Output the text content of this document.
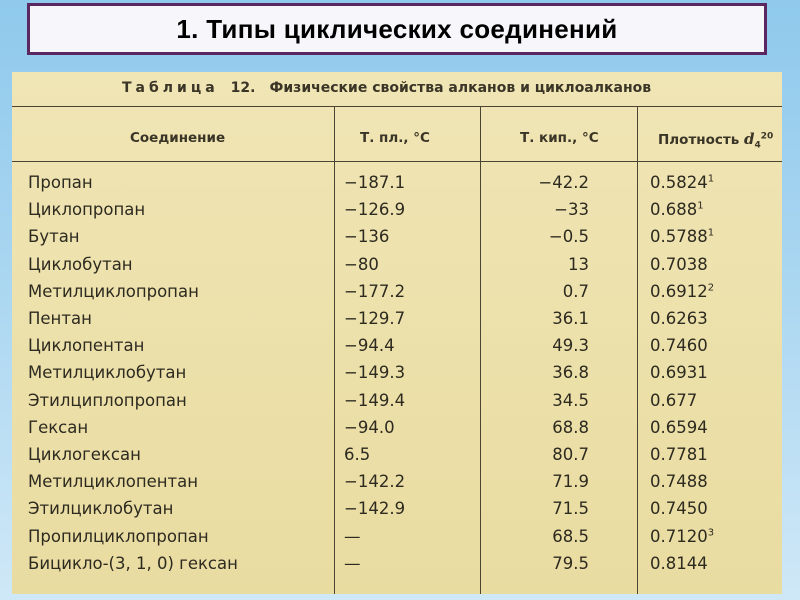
1. Типы циклических соединений
Таблица 12. Физические свойства алканов и циклоалканов
Соединение	Т. пл., °С	Т. кип., °С	Плотность $d_4^{20}$
Пропан	−187.1	−42.2	0.5824$^1$
Циклопропан	−126.9	−33	0.688$^1$
Бутан	−136	−0.5	0.5788$^1$
Циклобутан	−80	13	0.7038
Метилциклопропан	−177.2	0.7	0.6912$^2$
Пентан	−129.7	36.1	0.6263
Циклопентан	−94.4	49.3	0.7460
Метилциклобутан	−149.3	36.8	0.6931
Этилциплопропан	−149.4	34.5	0.677
Гексан	−94.0	68.8	0.6594
Циклогексан	6.5	80.7	0.7781
Метилциклопентан	−142.2	71.9	0.7488
Этилциклобутан	−142.9	71.5	0.7450
Пропилциклопропан	—	68.5	0.7120$^3$
Бицикло-(3, 1, 0) гексан	—	79.5	0.8144
